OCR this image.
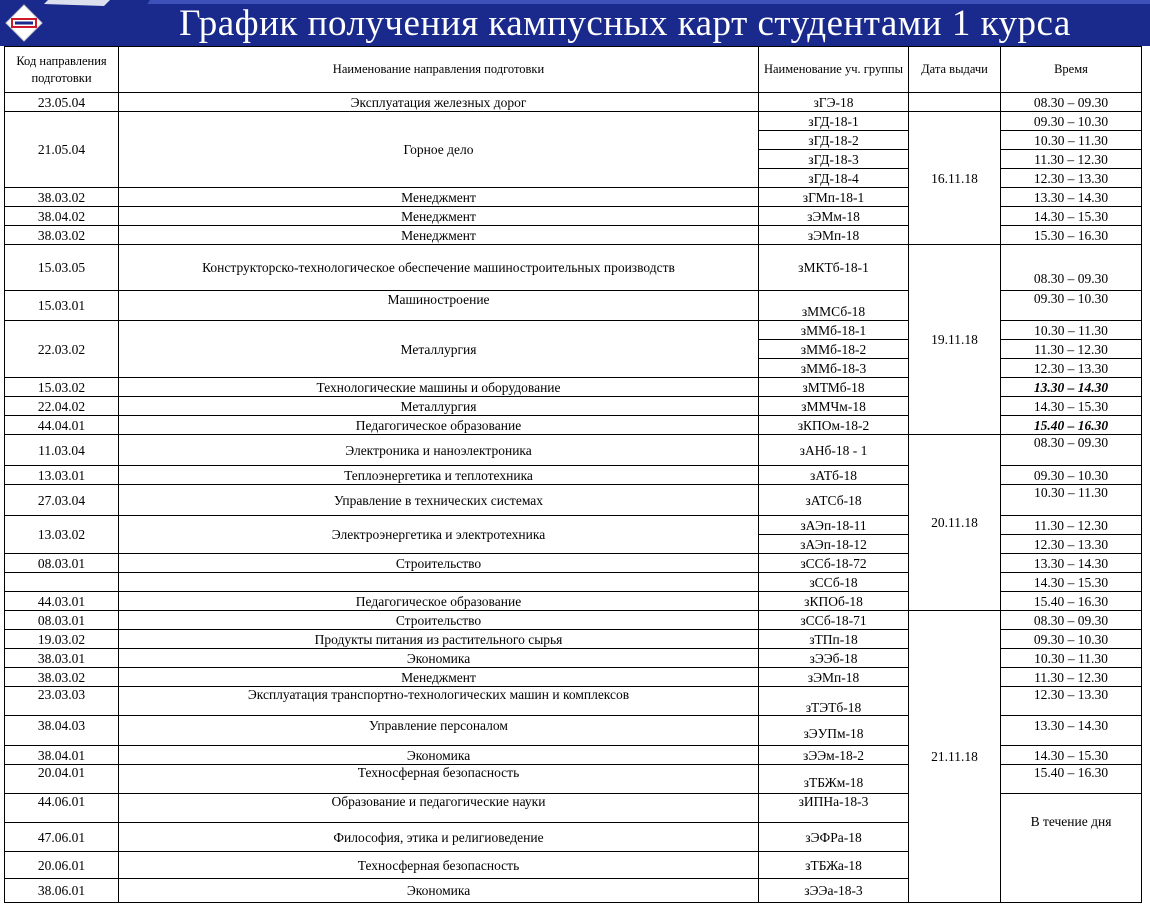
График получения кампусных карт студентами 1 курса
Код направления подготовки	Наименование направления подготовки	Наименование уч. группы	Дата выдачи	Время
23.05.04	Эксплуатация железных дорог	зГЭ-18		08.30 – 09.30
21.05.04	Горное дело	зГД-18-1	16.11.18	09.30 – 10.30
		зГД-18-2		10.30 – 11.30
		зГД-18-3		11.30 – 12.30
		зГД-18-4		12.30 – 13.30
38.03.02	Менеджмент	зГМп-18-1		13.30 – 14.30
38.04.02	Менеджмент	зЭМм-18		14.30 – 15.30
38.03.02	Менеджмент	зЭМп-18		15.30 – 16.30
15.03.05	Конструкторско-технологическое обеспечение машиностроительных производств	зМКТб-18-1	19.11.18	08.30 – 09.30
15.03.01	Машиностроение	зММСб-18		09.30 – 10.30
22.03.02	Металлургия	зММб-18-1		10.30 – 11.30
		зММб-18-2		11.30 – 12.30
		зММб-18-3		12.30 – 13.30
15.03.02	Технологические машины и оборудование	зМТМб-18		13.30 – 14.30
22.04.02	Металлургия	зММЧм-18		14.30 – 15.30
44.04.01	Педагогическое образование	зКПОм-18-2		15.40 – 16.30
11.03.04	Электроника и наноэлектроника	зАНб-18 - 1	20.11.18	08.30 – 09.30
13.03.01	Теплоэнергетика и теплотехника	зАТб-18		09.30 – 10.30
27.03.04	Управление в технических системах	зАТСб-18		10.30 – 11.30
13.03.02	Электроэнергетика и электротехника	зАЭп-18-11		11.30 – 12.30
		зАЭп-18-12		12.30 – 13.30
08.03.01	Строительство	зССб-18-72		13.30 – 14.30
		зССб-18		14.30 – 15.30
44.03.01	Педагогическое образование	зКПОб-18		15.40 – 16.30
08.03.01	Строительство	зССб-18-71	21.11.18	08.30 – 09.30
19.03.02	Продукты питания из растительного сырья	зТПп-18		09.30 – 10.30
38.03.01	Экономика	зЭЭб-18		10.30 – 11.30
38.03.02	Менеджмент	зЭМп-18		11.30 – 12.30
23.03.03	Эксплуатация транспортно-технологических машин и комплексов	зТЭТб-18		12.30 – 13.30
38.04.03	Управление персоналом	зЭУПм-18		13.30 – 14.30
38.04.01	Экономика	зЭЭм-18-2		14.30 – 15.30
20.04.01	Техносферная безопасность	зТБЖм-18		15.40 – 16.30
44.06.01	Образование и педагогические науки	зИПНа-18-3		В течение дня
47.06.01	Философия, этика и религиоведение	зЭФРа-18		
20.06.01	Техносферная безопасность	зТБЖа-18		
38.06.01	Экономика	зЭЭа-18-3		
